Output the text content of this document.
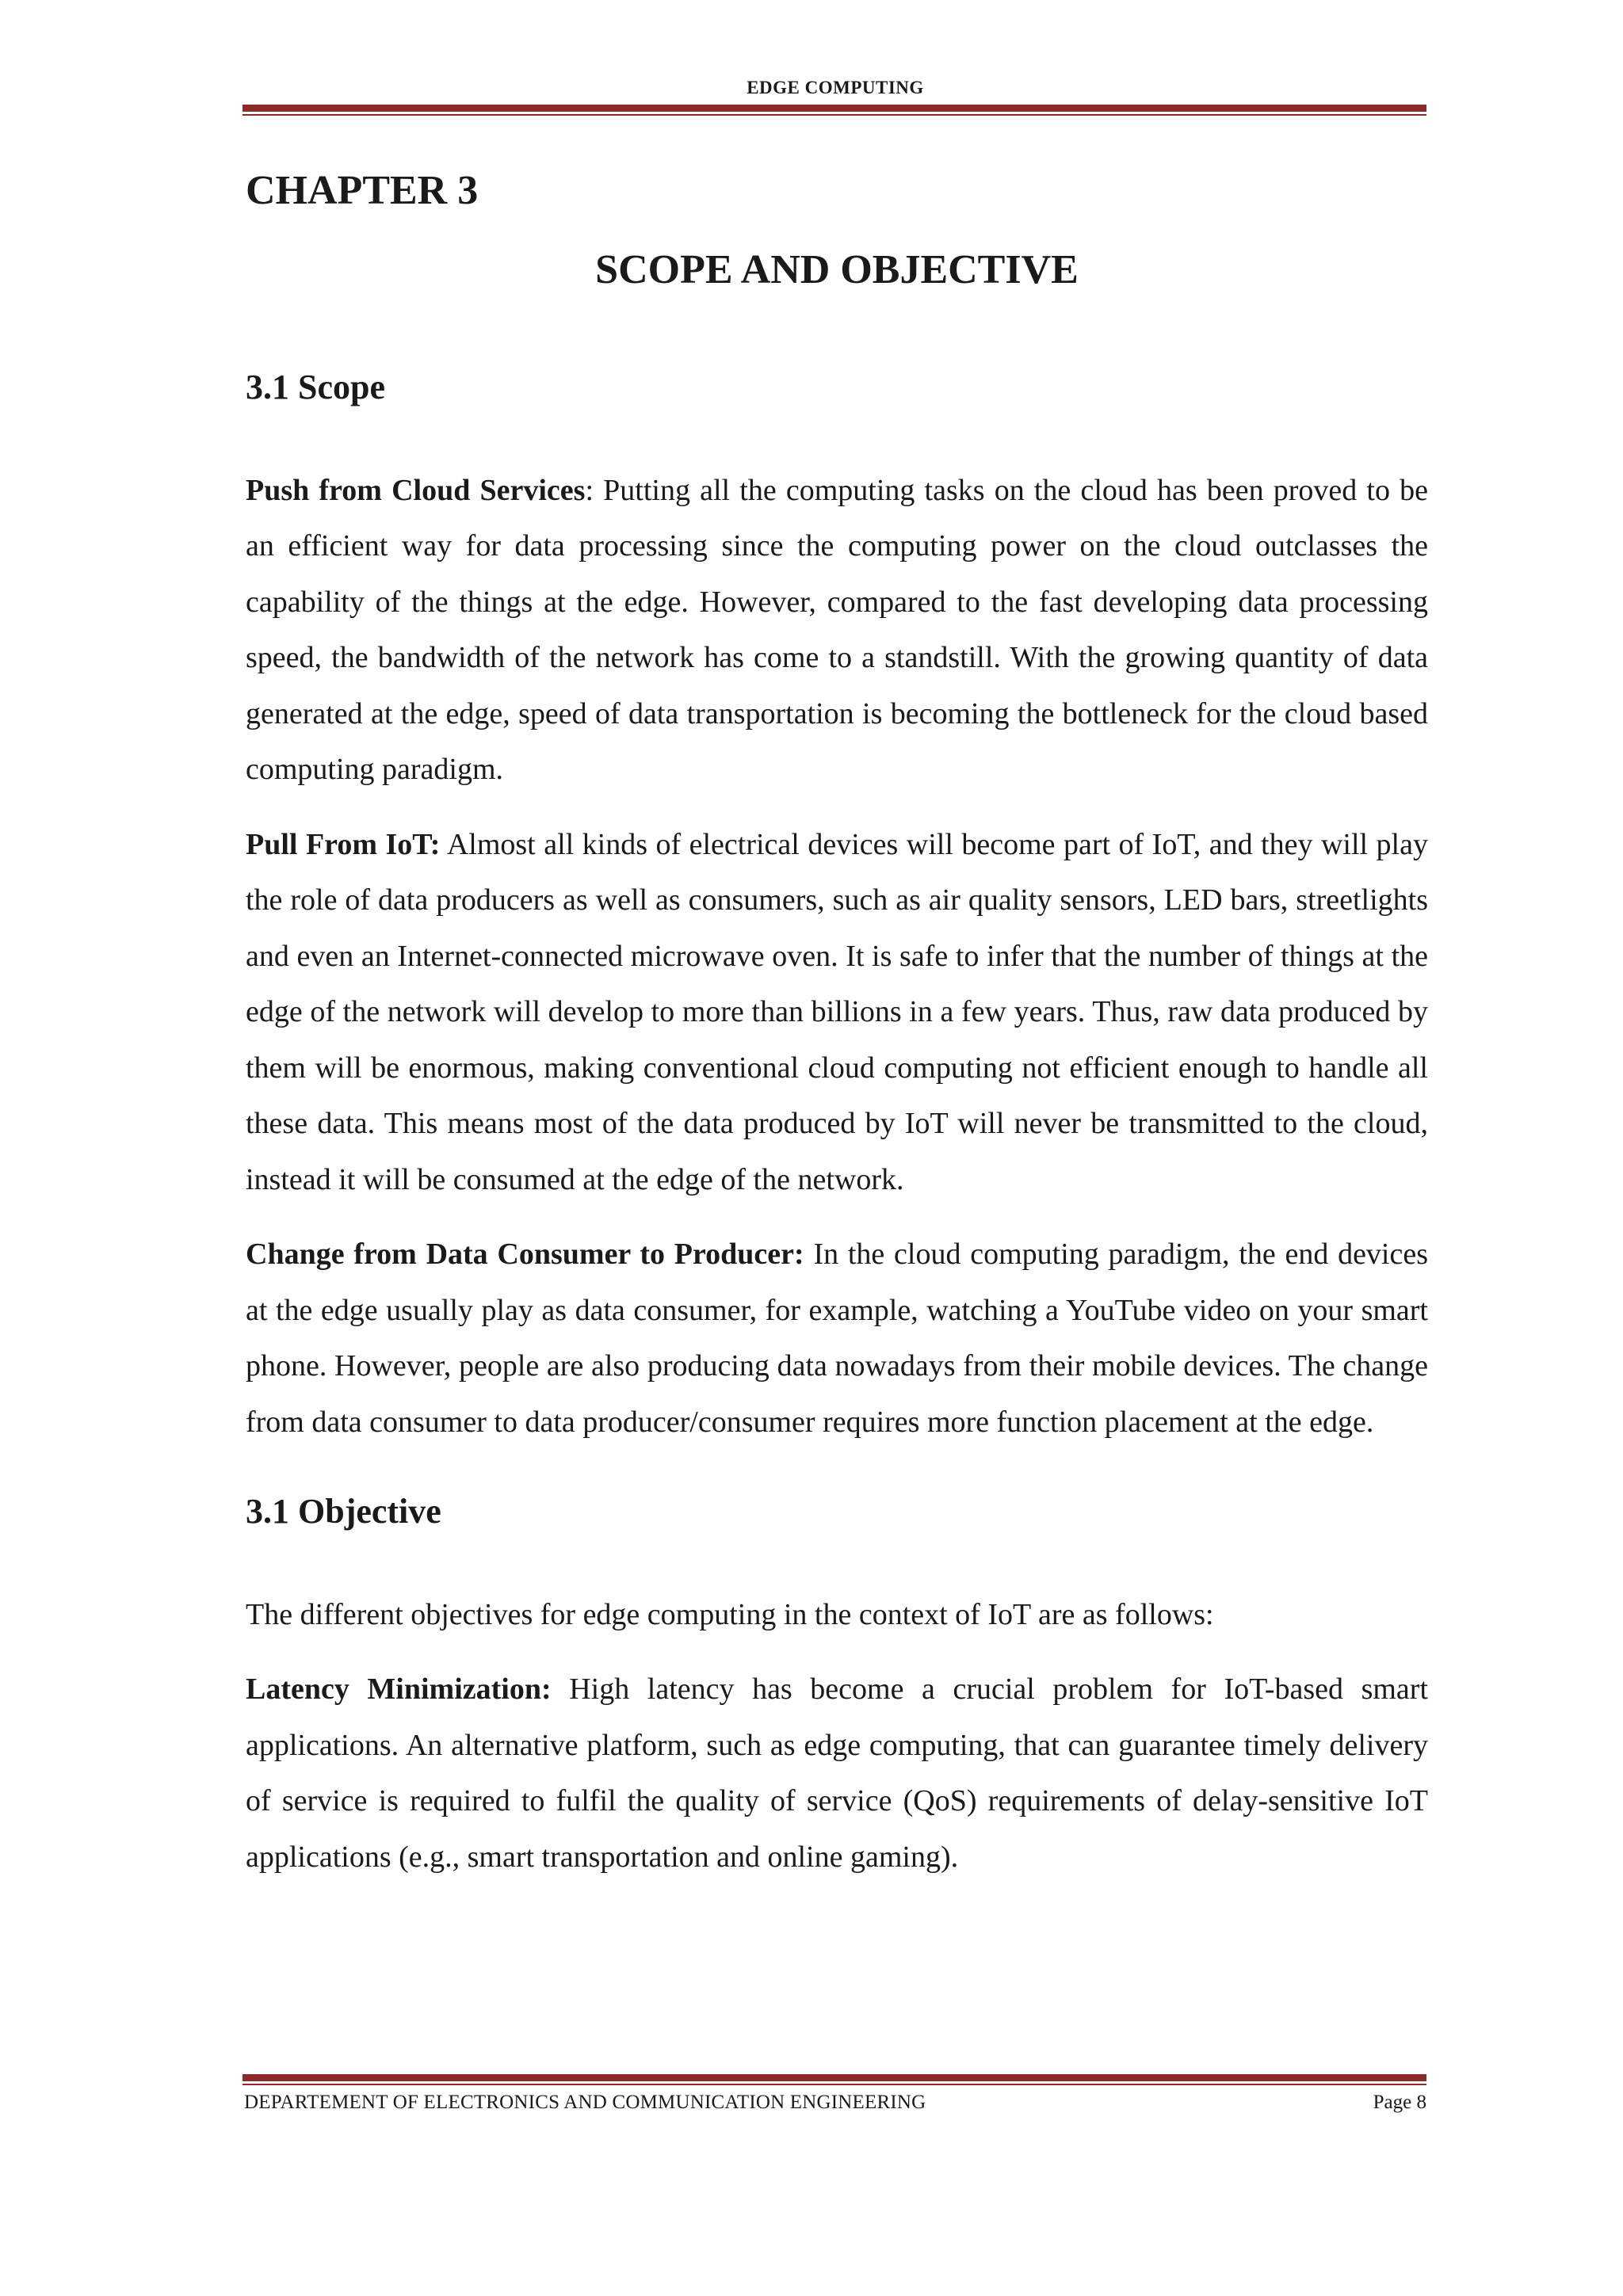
EDGE COMPUTING
CHAPTER 3
SCOPE AND OBJECTIVE
3.1 Scope

Push from Cloud Services: Putting all the computing tasks on the cloud has been proved to be an efficient way for data processing since the computing power on the cloud outclasses the capability of the things at the edge. However, compared to the fast developing data processing speed, the bandwidth of the network has come to a standstill. With the growing quantity of data generated at the edge, speed of data transportation is becoming the bottleneck for the cloud based computing paradigm.

Pull From IoT: Almost all kinds of electrical devices will become part of IoT, and they will play the role of data producers as well as consumers, such as air quality sensors, LED bars, streetlights and even an Internet-connected microwave oven. It is safe to infer that the number of things at the edge of the network will develop to more than billions in a few years. Thus, raw data produced by them will be enormous, making conventional cloud computing not efficient enough to handle all these data. This means most of the data produced by IoT will never be transmitted to the cloud, instead it will be consumed at the edge of the network.

Change from Data Consumer to Producer: In the cloud computing paradigm, the end devices at the edge usually play as data consumer, for example, watching a YouTube video on your smart phone. However, people are also producing data nowadays from their mobile devices. The change from data consumer to data producer/consumer requires more function placement at the edge.

3.1 Objective

The different objectives for edge computing in the context of IoT are as follows:

Latency Minimization: High latency has become a crucial problem for IoT-based smart applications. An alternative platform, such as edge computing, that can guarantee timely delivery of service is required to fulfil the quality of service (QoS) requirements of delay-sensitive IoT applications (e.g., smart transportation and online gaming).

DEPARTEMENT OF ELECTRONICS AND COMMUNICATION ENGINEERING	Page 8
